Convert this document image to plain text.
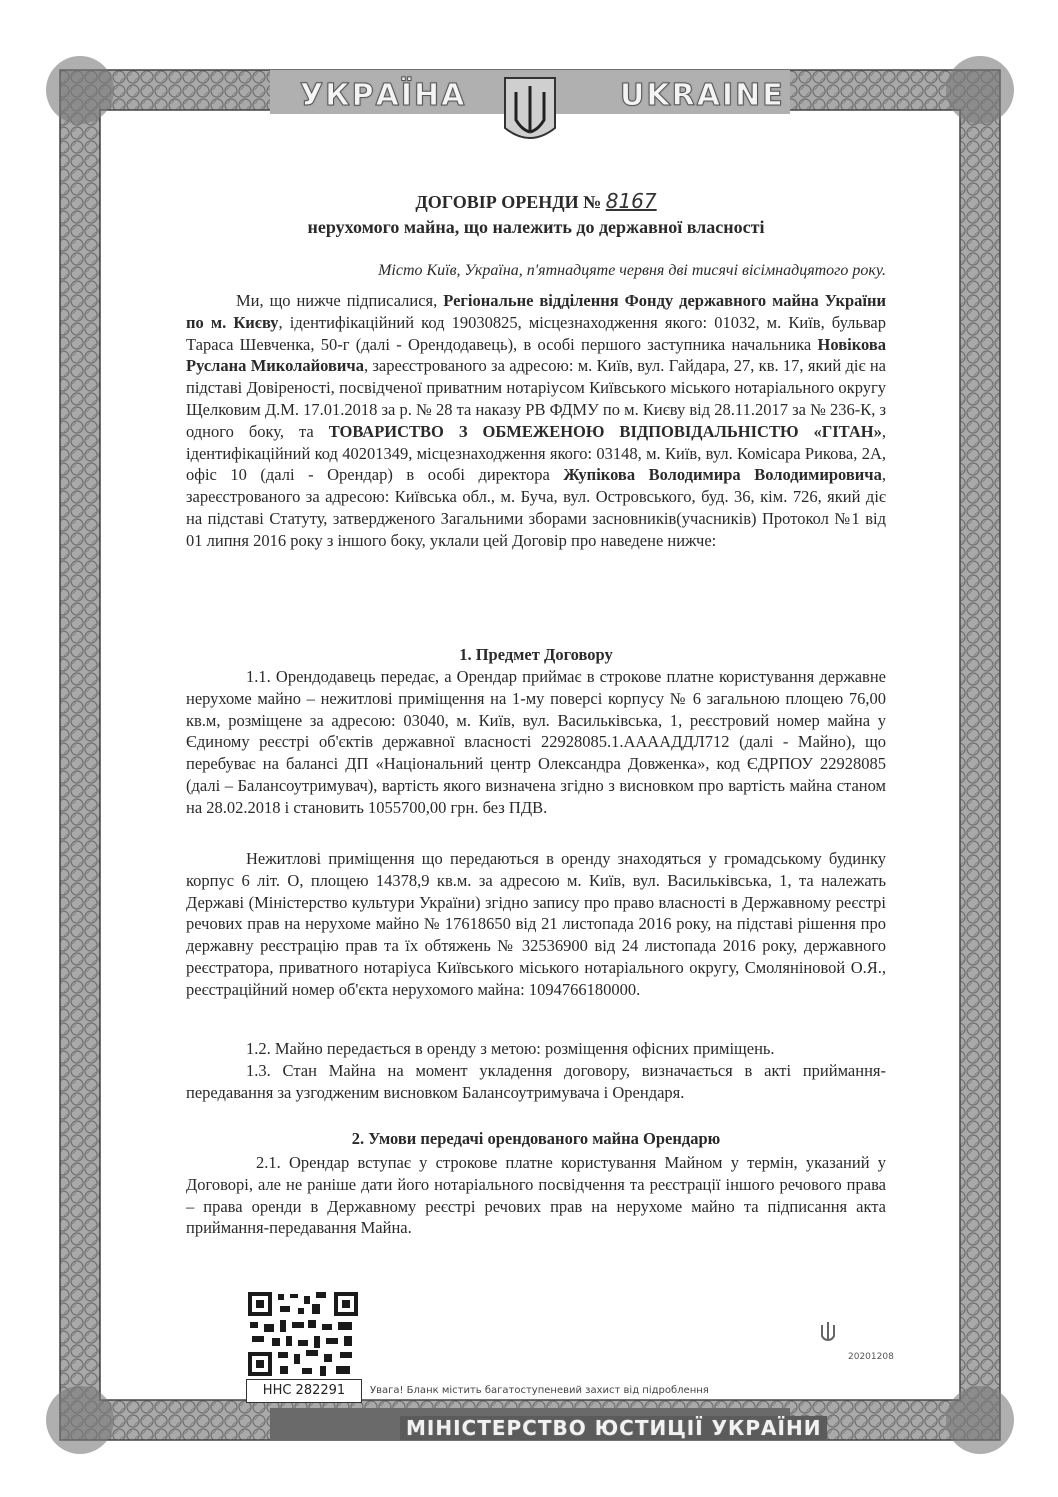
УКРАЇНА	UKRAINE
МІНІСТЕРСТВО ЮСТИЦІЇ УКРАЇНИ
ДОГОВІР ОРЕНДИ № 8167
нерухомого майна, що належить до державної власності
Місто Київ, Україна, п'ятнадцяте червня дві тисячі вісімнадцятого року.

Ми, що нижче підписалися, Регіональне відділення Фонду державного майна України по м. Києву, ідентифікаційний код 19030825, місцезнаходження якого: 01032, м. Київ, бульвар Тараса Шевченка, 50-г (далі - Орендодавець), в особі першого заступника начальника Новікова Руслана Миколайовича, зареєстрованого за адресою: м. Київ, вул. Гайдара, 27, кв. 17, який діє на підставі Довіреності, посвідченої приватним нотаріусом Київського міського нотаріального округу Щелковим Д.М. 17.01.2018 за р. № 28 та наказу РВ ФДМУ по м. Києву від 28.11.2017 за № 236-К, з одного боку, та ТОВАРИСТВО З ОБМЕЖЕНОЮ ВІДПОВІДАЛЬНІСТЮ «ГІТАН», ідентифікаційний код 40201349, місцезнаходження якого: 03148, м. Київ, вул. Комісара Рикова, 2А, офіс 10 (далі - Орендар) в особі директора Жупікова Володимира Володимировича, зареєстрованого за адресою: Київська обл., м. Буча, вул. Островського, буд. 36, кім. 726, який діє на підставі Статуту, затвердженого Загальними зборами засновників(учасників) Протокол №1 від 01 липня 2016 року з іншого боку, уклали цей Договір про наведене нижче:

1. Предмет Договору

1.1. Орендодавець передає, а Орендар приймає в строкове платне користування державне нерухоме майно – нежитлові приміщення на 1-му поверсі корпусу № 6 загальною площею 76,00 кв.м, розміщене за адресою: 03040, м. Київ, вул. Васильківська, 1, реєстровий номер майна у Єдиному реєстрі об'єктів державної власності 22928085.1.ААААДДЛ712 (далі - Майно), що перебуває на балансі ДП «Національний центр Олександра Довженка», код ЄДРПОУ 22928085 (далі – Балансоутримувач), вартість якого визначена згідно з висновком про вартість майна станом на 28.02.2018 і становить 1055700,00 грн. без ПДВ.

Нежитлові приміщення що передаються в оренду знаходяться у громадському будинку корпус 6 літ. О, площею 14378,9 кв.м. за адресою м. Київ, вул. Васильківська, 1, та належать Державі (Міністерство культури України) згідно запису про право власності в Державному реєстрі речових прав на нерухоме майно № 17618650 від 21 листопада 2016 року, на підставі рішення про державну реєстрацію прав та їх обтяжень № 32536900 від 24 листопада 2016 року, державного реєстратора, приватного нотаріуса Київського міського нотаріального округу, Смоляніновой О.Я., реєстраційний номер об'єкта нерухомого майна: 1094766180000.

1.2. Майно передається в оренду з метою: розміщення офісних приміщень.

1.3. Стан Майна на момент укладення договору, визначається в акті приймання-передавання за узгодженим висновком Балансоутримувача і Орендаря.

2. Умови передачі орендованого майна Орендарю

2.1. Орендар вступає у строкове платне користування Майном у термін, указаний у Договорі, але не раніше дати його нотаріального посвідчення та реєстрації іншого речового права – права оренди в Державному реєстрі речових прав на нерухоме майно та підписання акта приймання-передавання Майна.

ННС 282291	Увага! Бланк містить багатоступеневий захист від підроблення
20201208
